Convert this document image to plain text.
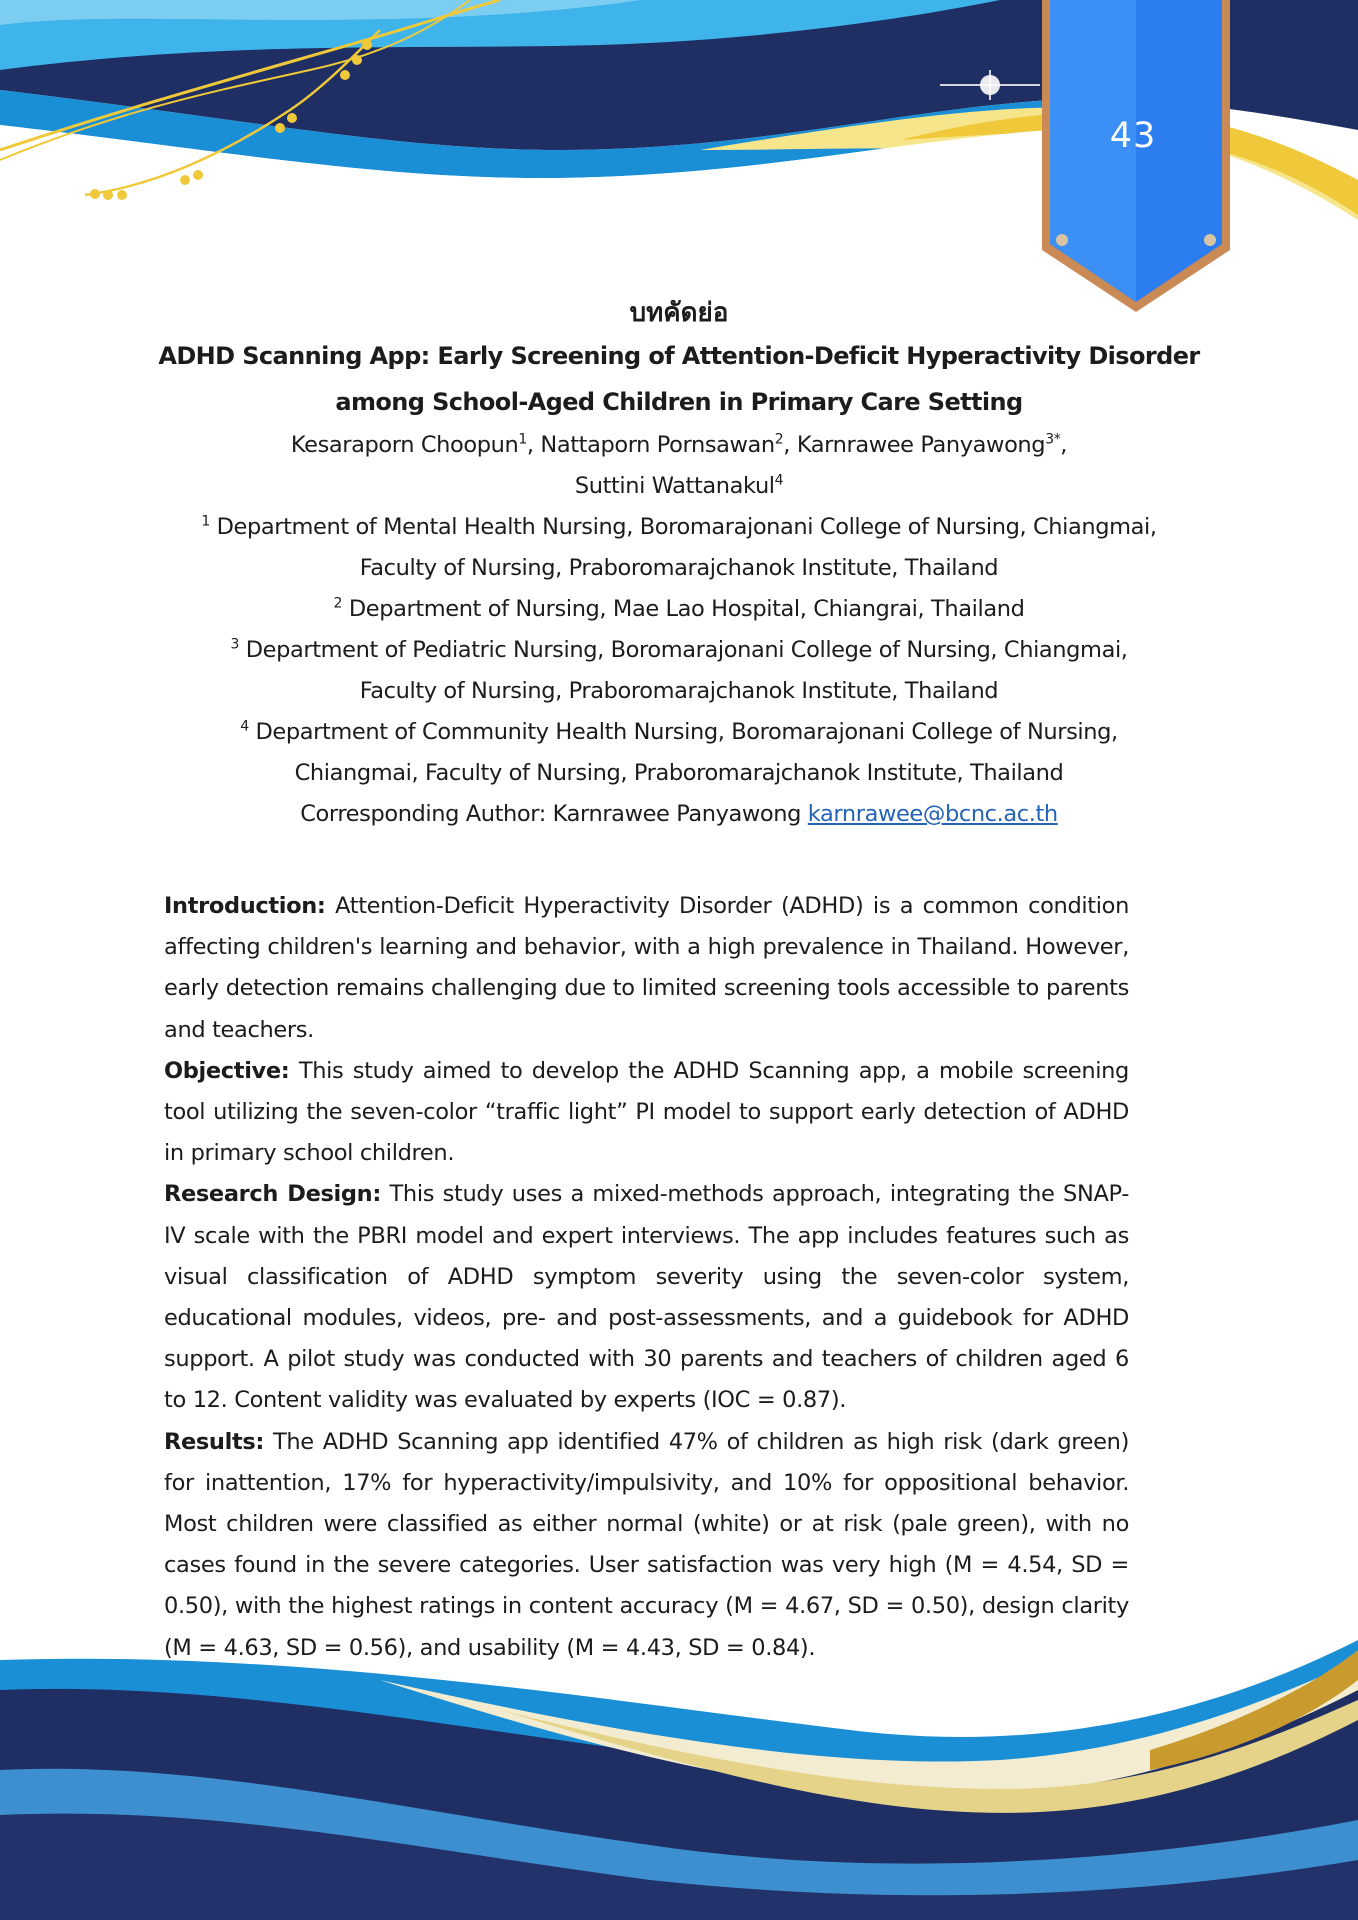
43

บทคัดย่อ

ADHD Scanning App: Early Screening of Attention-Deficit Hyperactivity Disorder

among School-Aged Children in Primary Care Setting

Kesaraporn Choopun$^1$, Nattaporn Pornsawan$^2$, Karnrawee Panyawong$^{3*}$,

Suttini Wattanakul$^4$

$^1$ Department of Mental Health Nursing, Boromarajonani College of Nursing, Chiangmai,

Faculty of Nursing, Praboromarajchanok Institute, Thailand

$^2$ Department of Nursing, Mae Lao Hospital, Chiangrai, Thailand

$^3$ Department of Pediatric Nursing, Boromarajonani College of Nursing, Chiangmai,

Faculty of Nursing, Praboromarajchanok Institute, Thailand

$^4$ Department of Community Health Nursing, Boromarajonani College of Nursing,

Chiangmai, Faculty of Nursing, Praboromarajchanok Institute, Thailand

Corresponding Author: Karnrawee Panyawong karnrawee@bcnc.ac.th

Introduction: Attention-Deficit Hyperactivity Disorder (ADHD) is a common condition affecting children's learning and behavior, with a high prevalence in Thailand. However, early detection remains challenging due to limited screening tools accessible to parents and teachers.

Objective: This study aimed to develop the ADHD Scanning app, a mobile screening tool utilizing the seven-color “traffic light” PI model to support early detection of ADHD in primary school children.

Research Design: This study uses a mixed-methods approach, integrating the SNAP-IV scale with the PBRI model and expert interviews. The app includes features such as visual classification of ADHD symptom severity using the seven-color system, educational modules, videos, pre- and post-assessments, and a guidebook for ADHD support. A pilot study was conducted with 30 parents and teachers of children aged 6 to 12. Content validity was evaluated by experts (IOC = 0.87).

Results: The ADHD Scanning app identified 47% of children as high risk (dark green) for inattention, 17% for hyperactivity/impulsivity, and 10% for oppositional behavior. Most children were classified as either normal (white) or at risk (pale green), with no cases found in the severe categories. User satisfaction was very high (M = 4.54, SD = 0.50), with the highest ratings in content accuracy (M = 4.67, SD = 0.50), design clarity (M = 4.63, SD = 0.56), and usability (M = 4.43, SD = 0.84).
